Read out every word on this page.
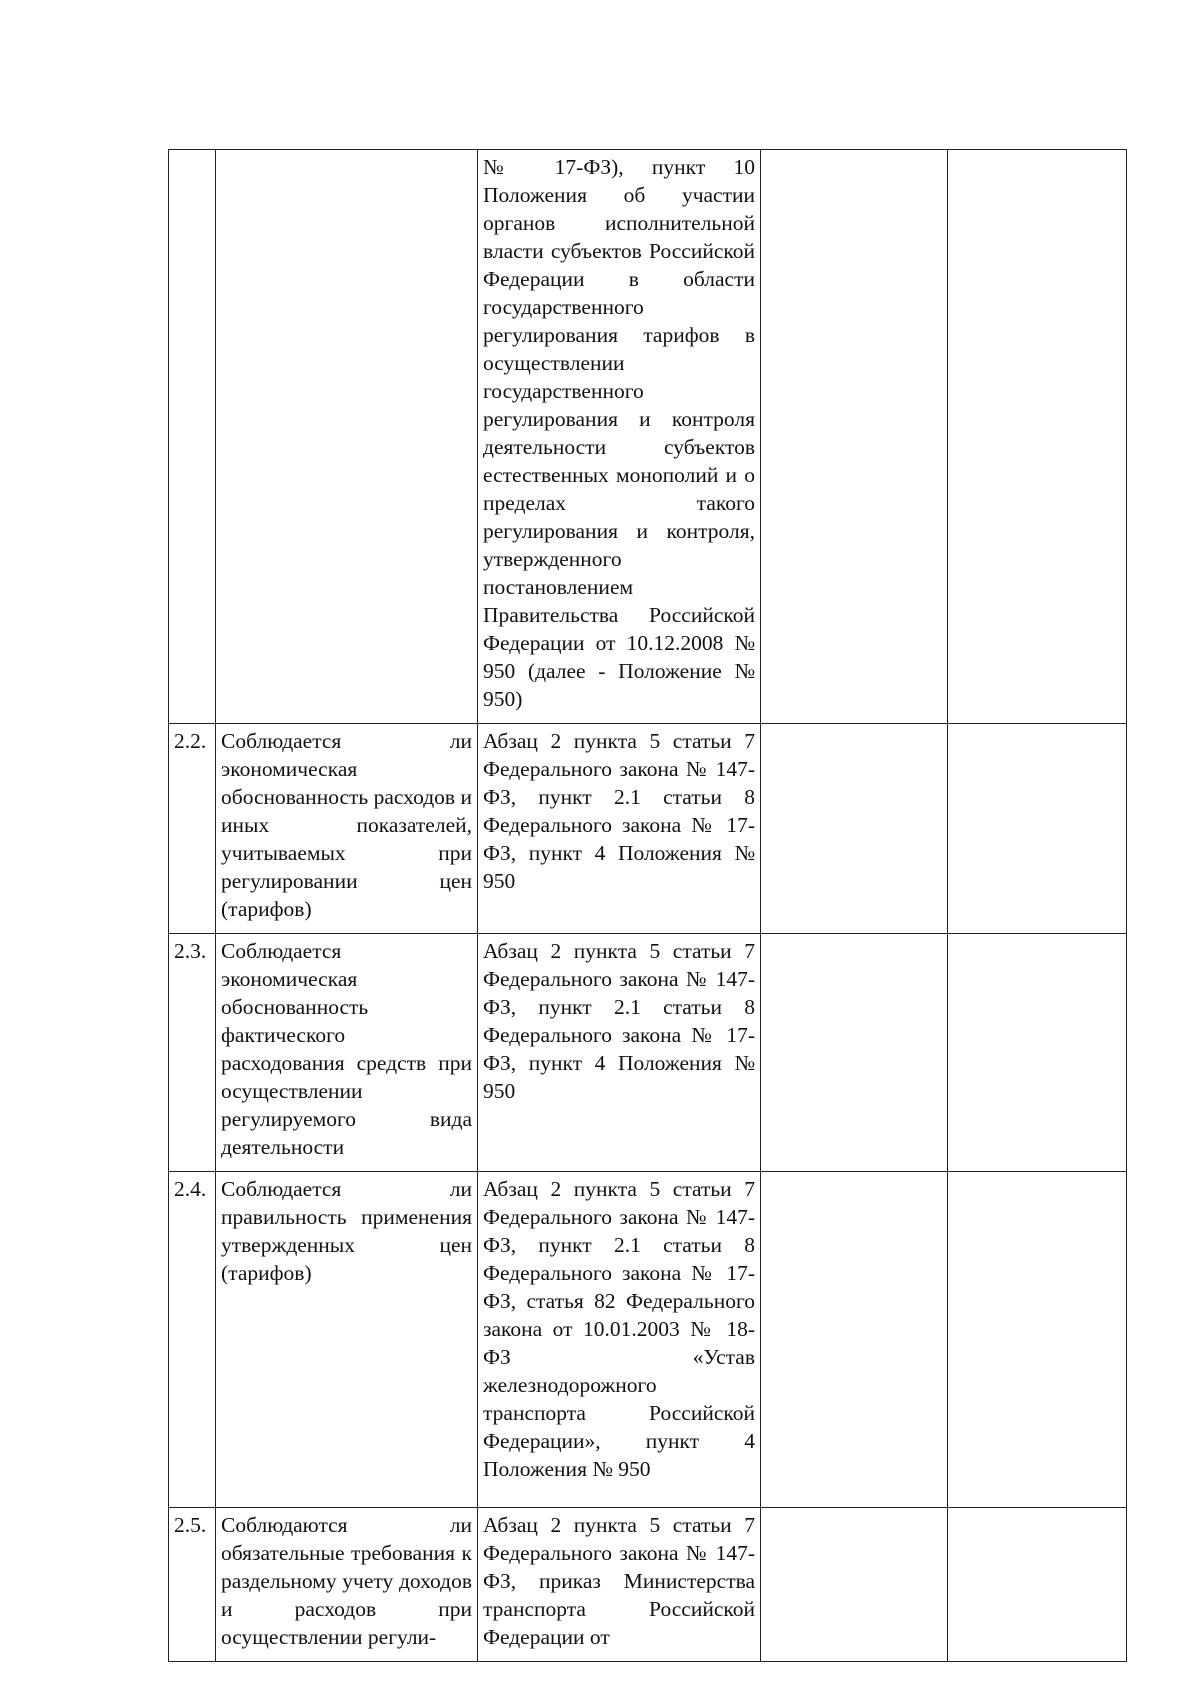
		№ 17-ФЗ), пункт 10 Положения об участии органов исполнительной власти субъектов Российской Федерации в области государственного регулирования тарифов в осуществлении государственного регулирования и контроля деятельности субъектов естественных монополий и о пределах такого регулирования и контроля, утвержденного постановлением Правительства Российской Федерации от 10.12.2008 № 950 (далее - Положение № 950)		
2.2.	Соблюдается ли экономическая обоснованность расходов и иных показателей, учитываемых при регулировании цен (тарифов)	Абзац 2 пункта 5 статьи 7 Федерального закона № 147-ФЗ, пункт 2.1 статьи 8 Федерального закона № 17-ФЗ, пункт 4 Положения № 950		
2.3.	Соблюдается экономическая обоснованность фактического расходования средств при осуществлении регулируемого вида деятельности	Абзац 2 пункта 5 статьи 7 Федерального закона № 147-ФЗ, пункт 2.1 статьи 8 Федерального закона № 17-ФЗ, пункт 4 Положения № 950		
2.4.	Соблюдается ли правильность применения утвержденных цен (тарифов)	Абзац 2 пункта 5 статьи 7 Федерального закона № 147-ФЗ, пункт 2.1 статьи 8 Федерального закона № 17-ФЗ, статья 82 Федерального закона от 10.01.2003 № 18-ФЗ «Устав железнодорожного транспорта Российской Федерации», пункт 4 Положения № 950		
2.5.	Соблюдаются ли обязательные требования к раздельному учету доходов и расходов при осуществлении регули-	Абзац 2 пункта 5 статьи 7 Федерального закона № 147-ФЗ, приказ Министерства транспорта Российской Федерации от		
